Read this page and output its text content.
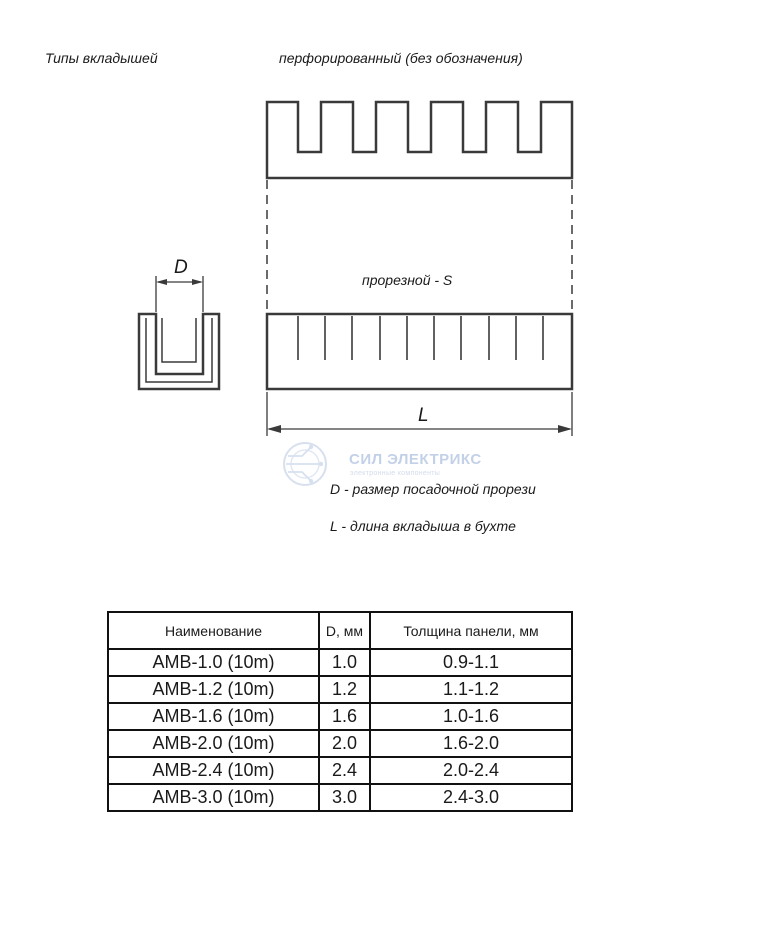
Типы вкладышей	перфорированный (без обозначения)
прорезной - S
D
L
СИЛ ЭЛЕКТРИКС
электронные компоненты
D - размер посадочной прорези
L - длина вкладыша в бухте
Наименование	D, мм	Толщина панели, мм
AMB-1.0 (10m)	1.0	0.9-1.1
AMB-1.2 (10m)	1.2	1.1-1.2
AMB-1.6 (10m)	1.6	1.0-1.6
AMB-2.0 (10m)	2.0	1.6-2.0
AMB-2.4 (10m)	2.4	2.0-2.4
AMB-3.0 (10m)	3.0	2.4-3.0
